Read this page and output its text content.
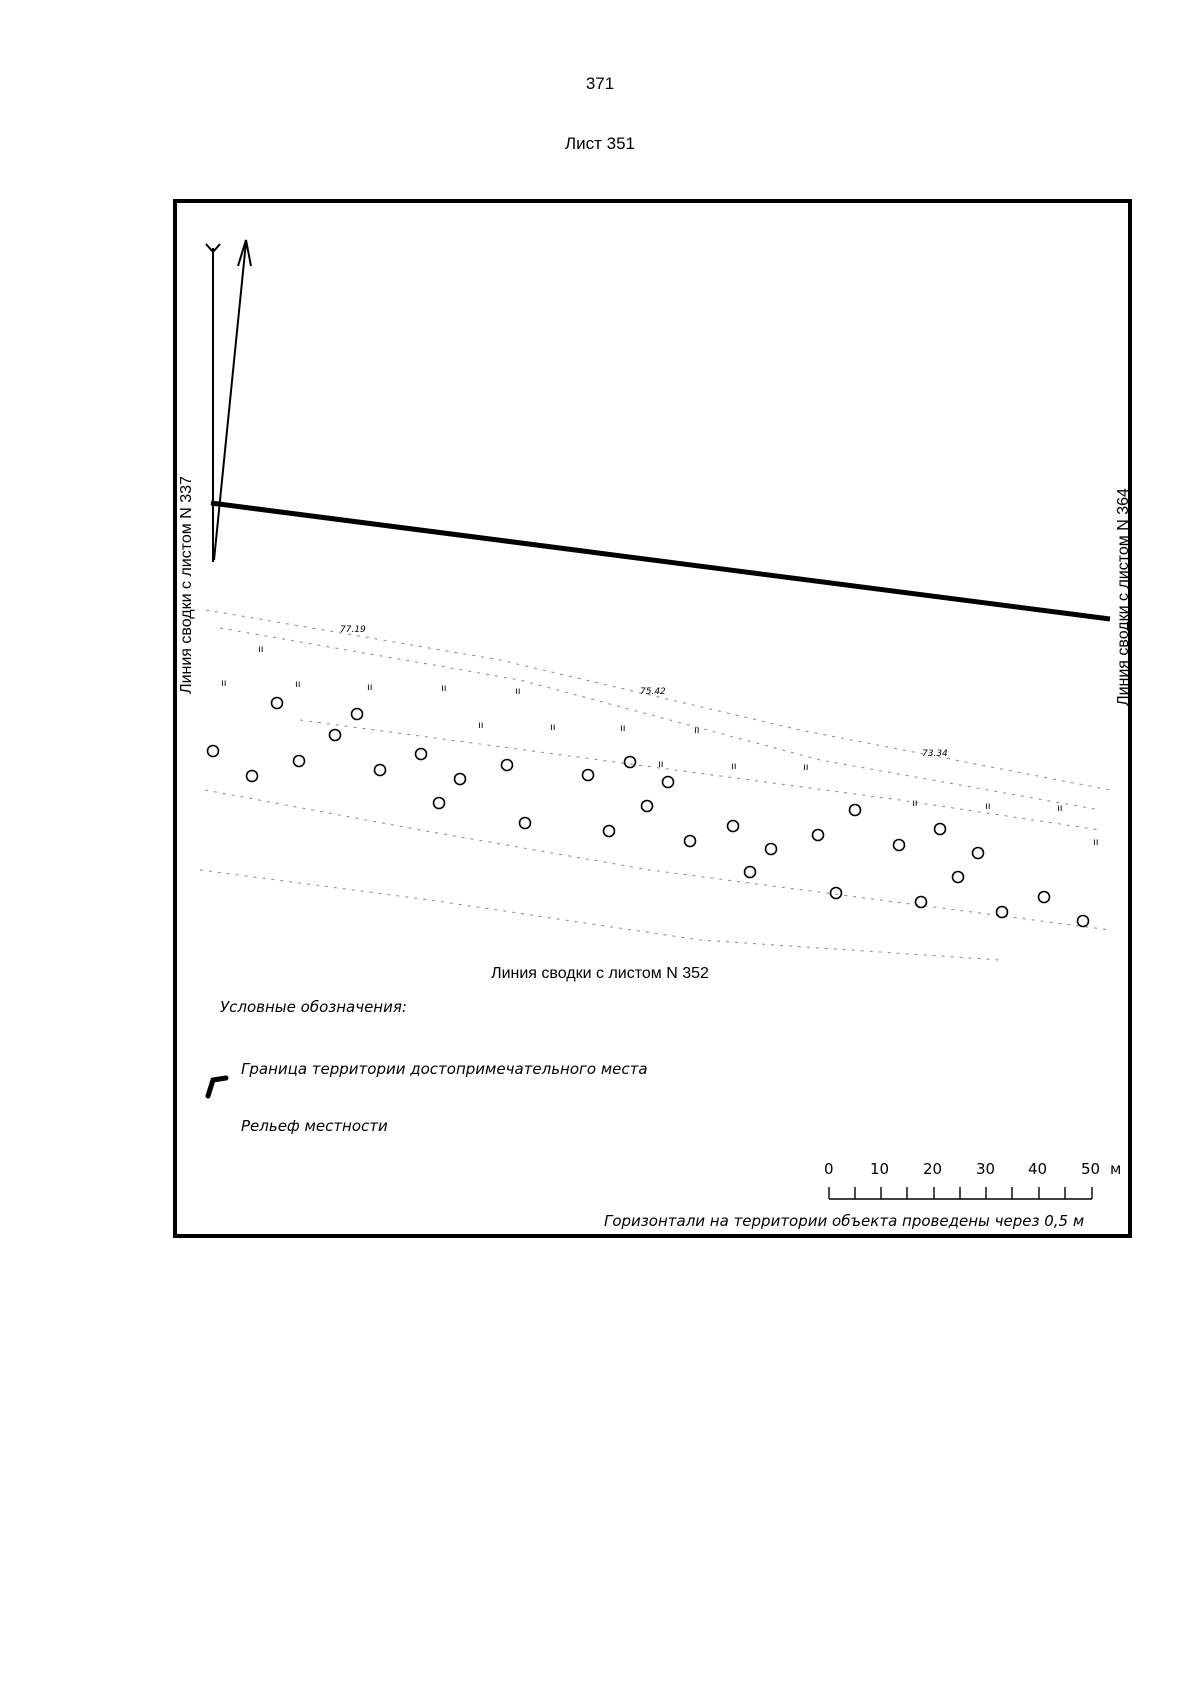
371
Лист 351
77.19
75.42
73.34
ıı
ıı	ıı	ıı	ıı	ıı
ıı	ıı	ıı	ıı
ıı	ıı	ıı
ıı	ıı	ıı
ıı
0 10 20 30 40 50 м
Линия сводки с листом N 337	Линия сводки с листом N 364
Линия сводки с листом N 352
Условные обозначения:
Граница территории достопримечательного места
Рельеф местности
Горизонтали на территории объекта проведены через 0,5 м
